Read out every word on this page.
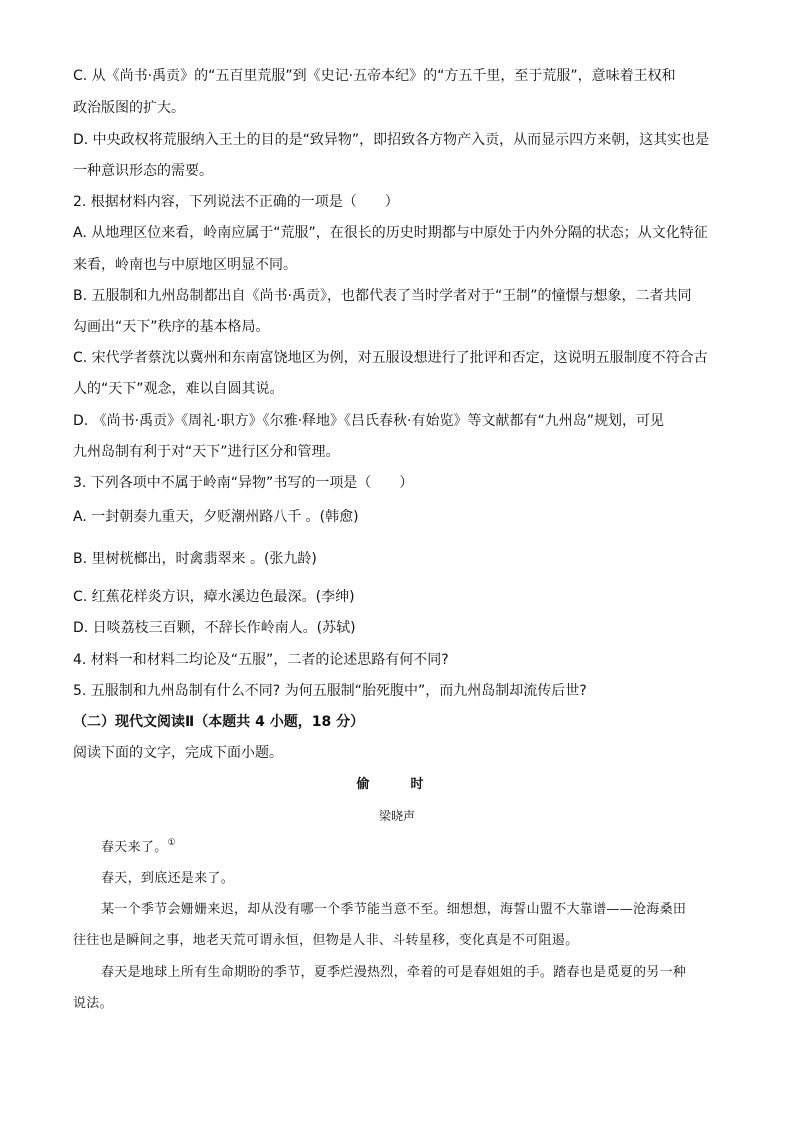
C. 从《尚书·禹贡》的“五百里荒服”到《史记·五帝本纪》的“方五千里，至于荒服”，意味着王权和
政治版图的扩大。
D. 中央政权将荒服纳入王土的目的是“致异物”，即招致各方物产入贡，从而显示四方来朝，这其实也是
一种意识形态的需要。
2. 根据材料内容，下列说法不正确的一项是（　　）
A. 从地理区位来看，岭南应属于“荒服”，在很长的历史时期都与中原处于内外分隔的状态；从文化特征
来看，岭南也与中原地区明显不同。
B. 五服制和九州岛制都出自《尚书·禹贡》，也都代表了当时学者对于“王制”的憧憬与想象，二者共同
勾画出“天下”秩序的基本格局。
C. 宋代学者蔡沈以冀州和东南富饶地区为例，对五服设想进行了批评和否定，这说明五服制度不符合古
人的“天下”观念，难以自圆其说。
D. 《尚书·禹贡》《周礼·职方》《尔雅·释地》《吕氏春秋·有始览》等文献都有“九州岛”规划，可见
九州岛制有利于对“天下”进行区分和管理。
3. 下列各项中不属于岭南“异物”书写的一项是（　　）
A. 一封朝奏九重天，夕贬潮州路八千 。(韩愈)
B. 里树桄榔出，时禽翡翠来 。(张九龄)
C. 红蕉花样炎方识，瘴水溪边色最深。(李绅)
D. 日啖荔枝三百颗，不辞长作岭南人。(苏轼)
4. 材料一和材料二均论及“五服”，二者的论述思路有何不同?
5. 五服制和九州岛制有什么不同? 为何五服制“胎死腹中”，而九州岛制却流传后世?
（二）现代文阅读Ⅱ（本题共 4 小题，18 分）
阅读下面的文字，完成下面小题。
偷　时
梁晓声
春天来了。①
春天，到底还是来了。
某一个季节会姗姗来迟，却从没有哪一个季节能当意不至。细想想，海誓山盟不大靠谱——沧海桑田
往往也是瞬间之事，地老天荒可谓永恒，但物是人非、斗转星移，变化真是不可阻遏。
春天是地球上所有生命期盼的季节，夏季烂漫热烈，牵着的可是春姐姐的手。踏春也是觅夏的另一种
说法。
